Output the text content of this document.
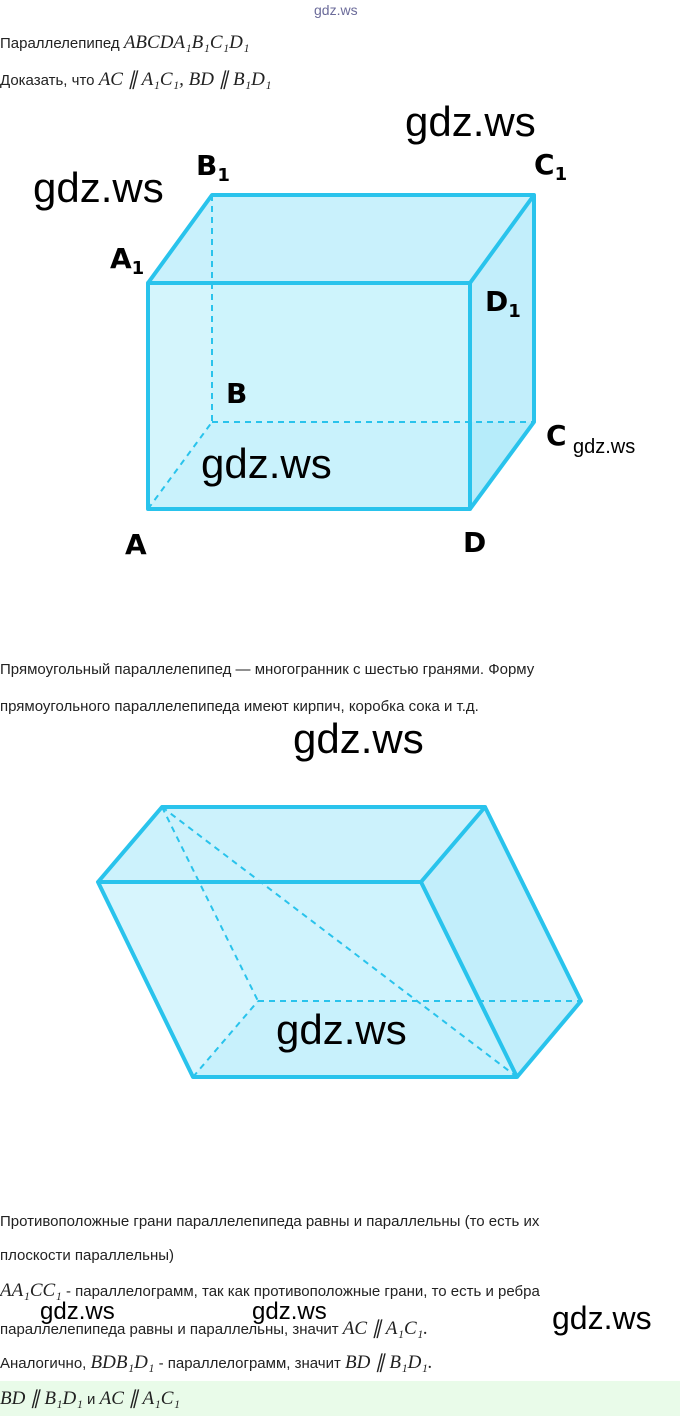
gdz.ws
Параллелепипед ABCDA₁B₁C₁D₁
Доказать, что AC ∥ A₁C₁, BD ∥ B₁D₁
$B_1$	$C_1$
$A_1$
$D_1$
B
C
A	D
gdz.ws
gdz.ws
gdz.ws	gdz.ws
Прямоугольный параллелепипед — многогранник с шестью гранями. Форму
прямоугольного параллелепипеда имеют кирпич, коробка сока и т.д.
gdz.ws
gdz.ws
Противоположные грани параллелепипеда равны и параллельны (то есть их
плоскости параллельны)
AA₁CC₁ - параллелограмм, так как противоположные грани, то есть и ребра
параллелепипеда равны и параллельны, значит AC ∥ A₁C₁.
Аналогично, BDB₁D₁ - параллелограмм, значит BD ∥ B₁D₁.
gdz.ws	gdz.ws	gdz.ws
BD ∥ B₁D₁ и AC ∥ A₁C₁
